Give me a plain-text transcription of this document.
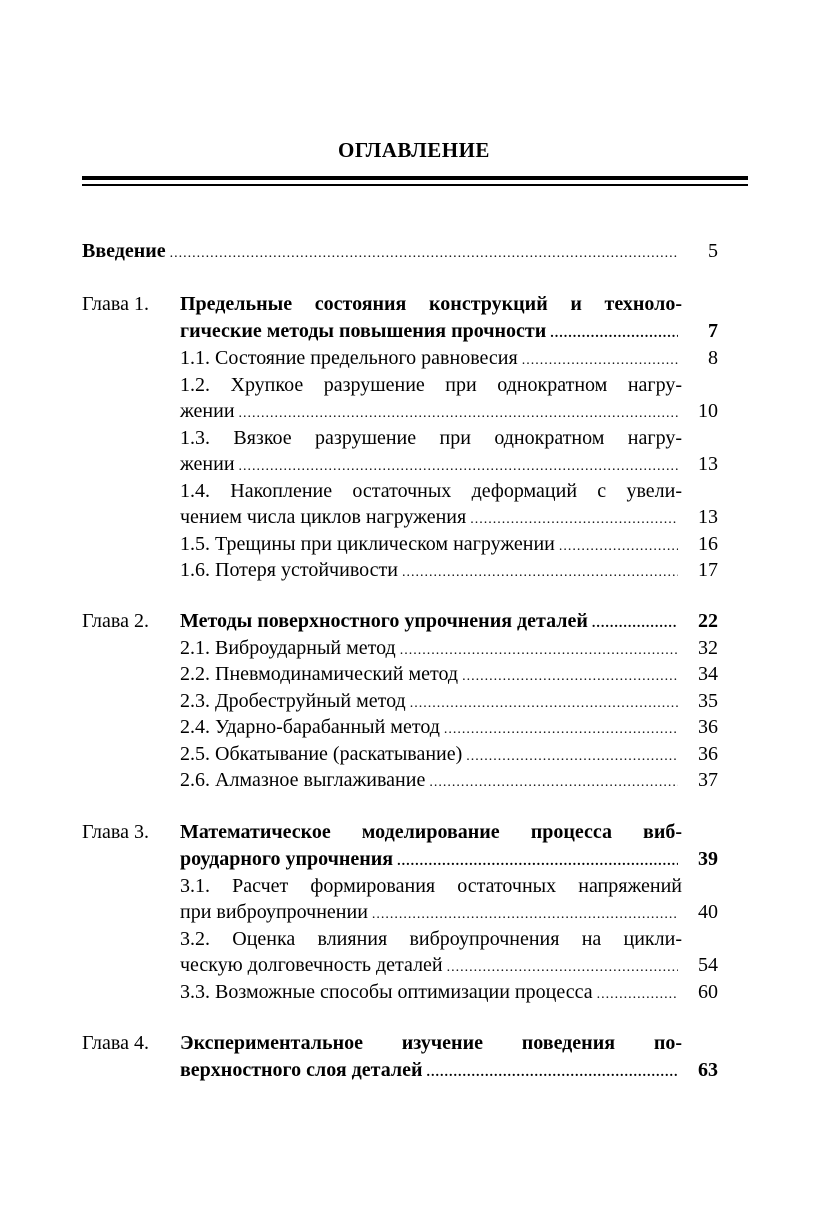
ОГЛАВЛЕНИЕ
Введение .....	5
Глава 1. Предельные состояния конструкций и техноло-
гические методы повышения прочности .....	7
1.1. Состояние предельного равновесия .....	8
1.2. Хрупкое разрушение при однократном нагру-
жении .....	10
1.3. Вязкое разрушение при однократном нагру-
жении .....	13
1.4. Накопление остаточных деформаций с увели-
чением числа циклов нагружения .....	13
1.5. Трещины при циклическом нагружении .....	16
1.6. Потеря устойчивости .....	17
Глава 2. Методы поверхностного упрочнения деталей .....	22
2.1. Виброударный метод .....	32
2.2. Пневмодинамический метод .....	34
2.3. Дробеструйный метод .....	35
2.4. Ударно-барабанный метод .....	36
2.5. Обкатывание (раскатывание) .....	36
2.6. Алмазное выглаживание .....	37
Глава 3. Математическое моделирование процесса виб-
роударного упрочнения .....	39
3.1. Расчет формирования остаточных напряжений
при виброупрочнении .....	40
3.2. Оценка влияния виброупрочнения на цикли-
ческую долговечность деталей .....	54
3.3. Возможные способы оптимизации процесса .....	60
Глава 4. Экспериментальное изучение поведения по-
верхностного слоя деталей .....	63
